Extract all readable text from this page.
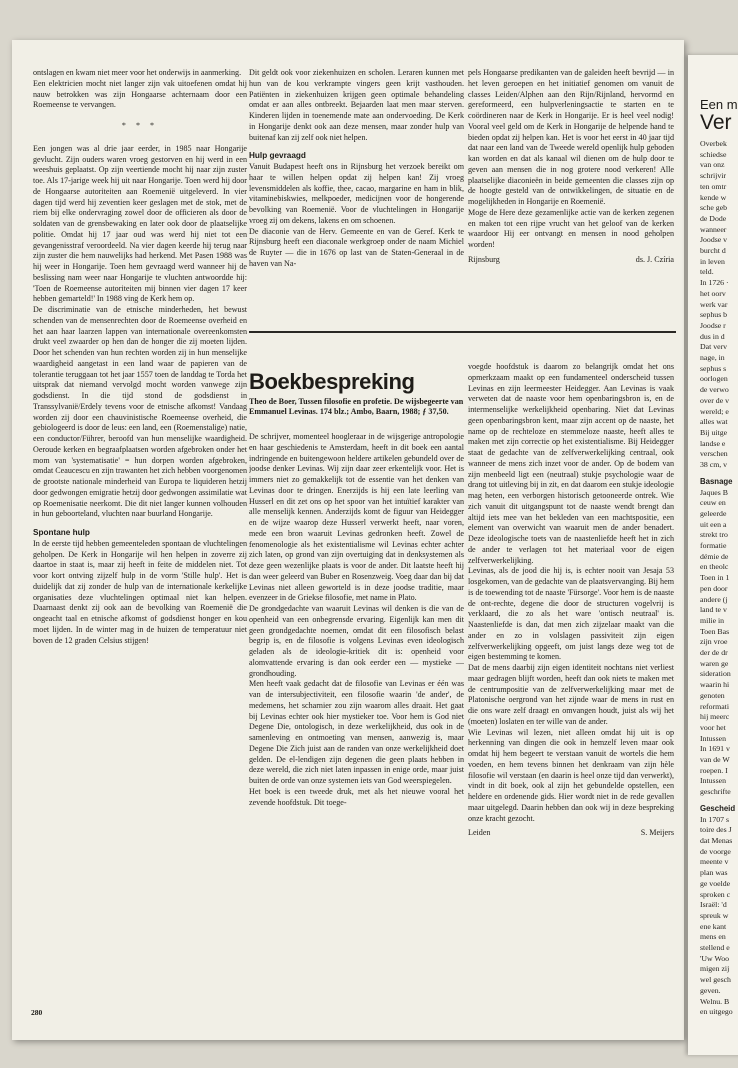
ontslagen en kwam niet meer voor het onderwijs in aanmerking.

Een elektricien mocht niet langer zijn vak uitoefenen omdat hij nauw betrokken was zijn Hongaarse achternaam door een Roemeense te vervangen.

* * *

Een jongen was al drie jaar eerder, in 1985 naar Hongarije gevlucht. Zijn ouders waren vroeg gestorven en hij werd in een weeshuis geplaatst. Op zijn veertiende mocht hij naar zijn zuster toe. Als 17-jarige week hij uit naar Hongarije. Toen werd hij door de Hongaarse autoriteiten aan Roemenië uitgeleverd. In vier dagen tijd werd hij zeventien keer geslagen met de stok, met de riem bij elke ondervraging zowel door de officieren als door de soldaten van de grensbewaking en later ook door de plaatselijke politie. Omdat hij 17 jaar oud was werd hij niet tot een gevangenisstraf veroordeeld. Na vier dagen keerde hij terug naar zijn zuster die hem nauwelijks had herkend. Met Pasen 1988 was hij weer in Hongarije. Toen hem gevraagd werd wanneer hij de beslissing nam weer naar Hongarije te vluchten antwoordde hij: 'Toen de Roemeense autoriteiten mij binnen vier dagen 17 keer hebben gemarteld!' In 1988 ving de Kerk hem op.

De discriminatie van de etnische minderheden, het bewust schenden van de mensenrechten door de Roemeense overheid en het aan haar laarzen lappen van internationale overeenkomsten drukt veel zwaarder op hen dan de honger die zij moeten lijden. Door het schenden van hun rechten worden zij in hun menselijke waardigheid aangetast in een land waar de papieren van de tolerantie teruggaan tot het jaar 1557 toen de landdag te Torda het uitsprak dat niemand vervolgd mocht worden vanwege zijn godsdienst. In die tijd stond de godsdienst in Transsylvanië/Erdely tevens voor de etnische afkomst! Vandaag worden zij door een chauvinistische Roemeense overheid, die gebiologeerd is door de leus: een land, een (Roemenstalige) natie, een conductor/Führer, beroofd van hun menselijke waardigheid. Oeroude kerken en begraafplaatsen worden afgebroken onder het mom van 'systematisatie' = hun dorpen worden afgebroken, omdat Ceaucescu en zijn trawanten het zich hebben voorgenomen de grootste nationale minderheid van Europa te liquideren hetzij door gedwongen emigratie hetzij door gedwongen assimilatie wat op Roemenisatie neerkomt. Die dit niet langer kunnen volhouden in hun geboorteland, vluchten naar buurland Hongarije.

Spontane hulp

In de eerste tijd hebben gemeenteleden spontaan de vluchtelingen geholpen. De Kerk in Hongarije wil hen helpen in zoverre zij daartoe in staat is, maar zij heeft in feite de middelen niet. Tot voor kort ontving zijzelf hulp in de vorm 'Stille hulp'. Het is duidelijk dat zij zonder de hulp van de internationale kerkelijke organisaties deze vluchtelingen optimaal niet kan helpen. Daarnaast denkt zij ook aan de bevolking van Roemenië die ongeacht taal en etnische afkomst of godsdienst honger en kou moet lijden. In de winter mag in de huizen de temperatuur niet boven de 12 graden Celsius stijgen!

Dit geldt ook voor ziekenhuizen en scholen. Leraren kunnen met hun van de kou verkrampte vingers geen krijt vasthouden. Patiënten in ziekenhuizen krijgen geen optimale behandeling omdat er aan alles ontbreekt. Bejaarden laat men maar sterven. Kinderen lijden in toenemende mate aan ondervoeding. De Kerk in Hongarije denkt ook aan deze mensen, maar zonder hulp van buitenaf kan zij zelf ook niet helpen.

Hulp gevraagd

Vanuit Budapest heeft ons in Rijnsburg het verzoek bereikt om haar te willen helpen opdat zij helpen kan! Zij vroeg levensmiddelen als koffie, thee, cacao, margarine en ham in blik, vitaminebiskwies, melkpoeder, medicijnen voor de hongerende bevolking van Roemenië. Voor de vluchtelingen in Hongarije vroeg zij om dekens, lakens en om schoenen.

De diaconie van de Herv. Gemeente en van de Geref. Kerk te Rijnsburg heeft een diaconale werkgroep onder de naam Michiel de Ruyter — die in 1676 op last van de Staten-Generaal in de haven van Na-

pels Hongaarse predikanten van de galeiden heeft bevrijd — in het leven geroepen en het initiatief genomen om vanuit de classes Leiden/Alphen aan den Rijn/Rijnland, hervormd en gereformeerd, een hulpverleningsactie te starten en te coördineren naar de Kerk in Hongarije. Er is heel veel nodig! Vooral veel geld om de Kerk in Hongarije de helpende hand te bieden opdat zij helpen kan. Het is voor het eerst in 40 jaar tijd dat naar een land van de Tweede wereld openlijk hulp geboden kan worden en dat als kanaal wil dienen om de hulp door te geven aan mensen die in nog grotere nood verkeren! Alle plaatselijke diaconieën in beide gemeenten die classes zijn op de hoogte gesteld van de ontwikkelingen, de situatie en de mogelijkheden in Hongarije en Roemenië.

Moge de Here deze gezamenlijke actie van de kerken zegenen en maken tot een rijpe vrucht van het geloof van de kerken waardoor Hij eer ontvangt en mensen in nood geholpen worden!

Rijnsburg	ds. J. Czíria

Boekbespreking

Theo de Boer, Tussen filosofie en profetie. De wijsbegeerte van Emmanuel Levinas. 174 blz.; Ambo, Baarn, 1988; ƒ 37,50.

De schrijver, momenteel hoogleraar in de wijsgerige antropologie en haar geschiedenis te Amsterdam, heeft in dit boek een aantal indringende en buitengewoon heldere artikelen gebundeld over de joodse denker Levinas. Wij zijn daar zeer erkentelijk voor. Het is immers niet zo gemakkelijk tot de essentie van het denken van Levinas door te dringen. Enerzijds is hij een late leerling van Husserl en dit zet ons op het spoor van het intuïtief karakter van alle menselijk kennen. Anderzijds komt de figuur van Heidegger en de wijze waarop deze Husserl verwerkt heeft, naar voren, mede een bron waaruit Levinas gedronken heeft. Zowel de fenomenologie als het existentialisme wil Levinas echter achter zich laten, op grond van zijn overtuiging dat in denksystemen als deze geen wezenlijke plaats is voor de ander. Dit laatste heeft hij dan weer geleerd van Buber en Rosenzweig. Voeg daar dan bij dat Levinas niet alleen geworteld is in deze joodse traditie, maar evenzeer in de Griekse filosofie, met name in Plato.

De grondgedachte van waaruit Levinas wil denken is die van de openheid van een onbegrensde ervaring. Eigenlijk kan men dit geen grondgedachte noemen, omdat dit een filosofisch belast begrip is, en de filosofie is volgens Levinas even ideologisch geladen als de ideologie-kritiek dit is: openheid voor alomvattende ervaring is dan ook eerder een — mystieke — grondhouding.

Men heeft vaak gedacht dat de filosofie van Levinas er één was van de intersubjectiviteit, een filosofie waarin 'de ander', de medemens, het scharnier zou zijn waarom alles draait. Het gaat bij Levinas echter ook hier mystieker toe. Voor hem is God niet Degene Die, ontologisch, in deze werkelijkheid, dus ook in de samenleving en ontmoeting van mensen, aanwezig is, maar Degene Die Zich juist aan de randen van onze werkelijkheid doet gelden. De el-lendigen zijn degenen die geen plaats hebben in deze wereld, die zich niet laten inpassen in enige orde, maar juist buiten de orde van onze systemen iets van God weerspiegelen.

Het boek is een tweede druk, met als het nieuwe vooral het zevende hoofdstuk. Dit toege-

voegde hoofdstuk is daarom zo belangrijk omdat het ons opmerkzaam maakt op een fundamenteel onderscheid tussen Levinas en zijn leermeester Heidegger. Aan Levinas is vaak verweten dat de naaste voor hem openbaringsbron is, en de intermenselijke werkelijkheid openbaring. Niet dat Levinas geen openbaringsbron kent, maar zijn accent op de naaste, het name op de rechteloze en stemmeloze naaste, heeft alles te maken met zijn correctie op het existentialisme. Bij Heidegger staat de gedachte van de zelfverwerkelijking centraal, ook wanneer de mens zich inzet voor de ander. Op de bodem van zijn menbeeld ligt een (neutraal) stukje psychologie waar de drang tot uitleving bij in zit, en dat daarom een stukje ideologie mag heten, een verborgen historisch getooneerde ontrek. Wie zich vanuit dit uitgangspunt tot de naaste wendt brengt dan altijd iets mee van het bekleden van een machtspositie, een element van overwicht van waaruit men de ander benadert. Deze ideologische toets van de naastenliefde heeft het in zich de ander te verlagen tot het materiaal voor de eigen zelfverwerkelijking.

Levinas, als de jood die hij is, is echter nooit van Jesaja 53 losgekomen, van de gedachte van de plaatsvervanging. Bij hem is de toewending tot de naaste 'Fürsorge'. Voor hem is de naaste de ont-rechte, degene die door de structuren vogelvrij is verklaard, die zo als het ware 'ontisch neutraal' is. Naastenliefde is dan, dat men zich zijzelaar maakt van die ander en zo in volslagen passiviteit zijn eigen zelfverwerkelijking opgeeft, om juist langs deze weg tot de eigen bestemming te komen.

Dat de mens daarbij zijn eigen identiteit nochtans niet verliest maar gedragen blijft worden, heeft dan ook niets te maken met de centrumpositie van de zelfverwerkelijking maar met de Platonische oergrond van het zijnde waar de mens in rust en die ons ware zelf draagt en omvangen houdt, juist als wij het (moeten) loslaten en ter wille van de ander.

Wie Levinas wil lezen, niet alleen omdat hij uit is op herkenning van dingen die ook in hemzelf leven maar ook omdat hij hem begeert te verstaan vanuit de wortels die hem voeden, en hem tevens binnen het denkraam van zijn hèle filosofie wil verstaan (en daarin is heel onze tijd dan verwerkt), vindt in dit boek, ook al zijn het gebundelde opstellen, een heldere en ordenende gids. Hier wordt niet in de rede gevallen maar uitgelegd. Daarin hebben dan ook wij in deze bespreking onze kracht gezocht.

Leiden	S. Meijers

280
Een m
Ver

Overbek

schiedse

van onz

schrijvir

ten omtr

kende w

sche geb

de Dode

wanneer

Joodse v

burcht d

in leven

teld.

In 1726 ·

het oorv

werk var

sephus b

Joodse r

dus in d

Dat verv

nage, in

sephus s

oorlogen

de verwo

over de v

wereld; e

alles wat

Bij uitge

landse e

verschen

38 cm, v

Basnage

Jaques B

ceuw en

geleerde

uit een a

strekt tro

formatie

démie de

en theolc

Toen in 1

pen door

andere (j

land te v

milie in

Toen Bas

zijn vroe

der de dr

waren ge

sideration

waarin hi

genoten

reformati

hij meerc

voor het

Intussen

In 1691 v

van de W

roepen. I

Intussen

geschrifte

Gescheid

In 1707 s

toire des J

dat Menas

de voorge

meente v

plan was

ge voelde

sproken c

Israël: 'd

spreuk w

ene kant

mens en

stellend e

'Uw Woo

migen zij

wel gesch

geven.

Welnu. B

en uitgego
